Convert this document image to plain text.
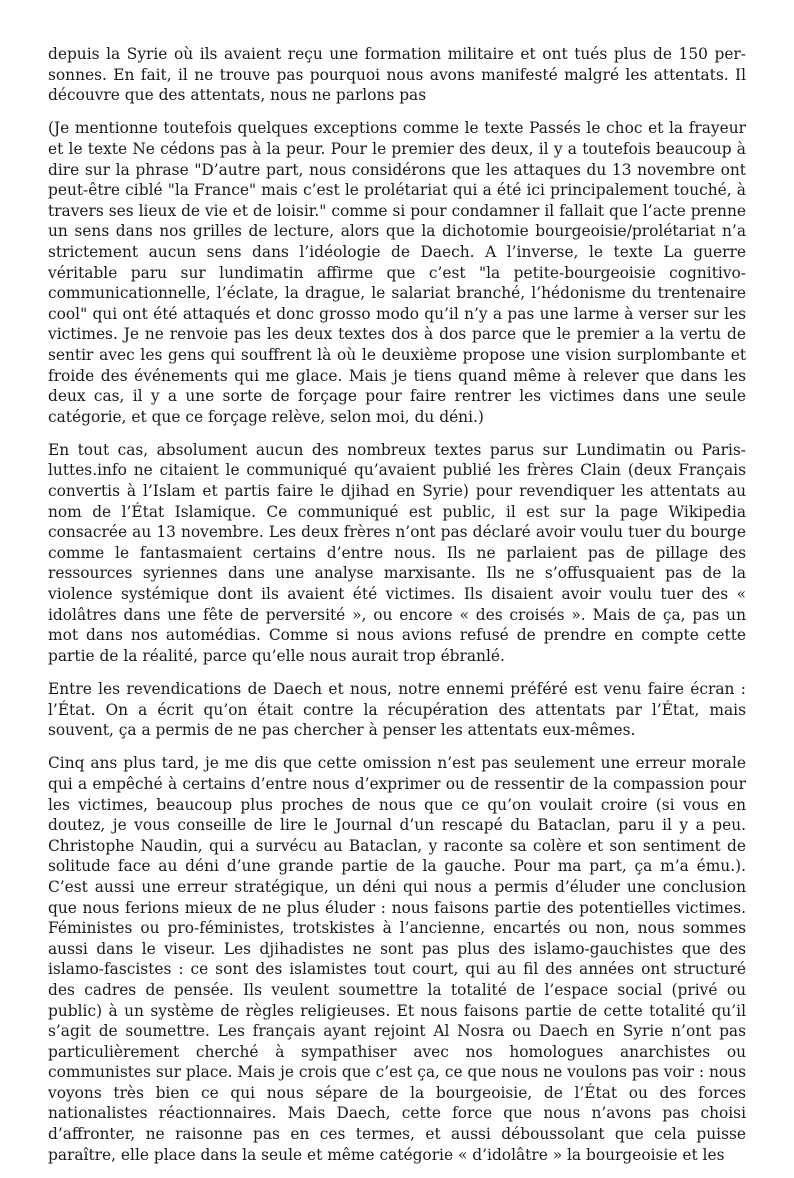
depuis la Syrie où ils avaient reçu une formation militaire et ont tués plus de 150 personnes. En fait, il ne trouve pas pourquoi nous avons manifesté malgré les attentats. Il découvre que des attentats, nous ne parlons pas

(Je mentionne toutefois quelques exceptions comme le texte Passés le choc et la frayeur et le texte Ne cédons pas à la peur. Pour le premier des deux, il y a toutefois beaucoup à dire sur la phrase "D’autre part, nous considérons que les attaques du 13 novembre ont peut-être ciblé "la France" mais c’est le prolétariat qui a été ici principalement touché, à travers ses lieux de vie et de loisir." comme si pour condamner il fallait que l’acte prenne un sens dans nos grilles de lecture, alors que la dichotomie bourgeoisie/prolétariat n’a strictement aucun sens dans l’idéologie de Daech. A l’inverse, le texte La guerre véritable paru sur lundimatin affirme que c’est "la petite-bourgeoisie cognitivo-communicationnelle, l’éclate, la drague, le salariat branché, l’hédonisme du trentenaire cool" qui ont été attaqués et donc grosso modo qu’il n’y a pas une larme à verser sur les victimes. Je ne renvoie pas les deux textes dos à dos parce que le premier a la vertu de sentir avec les gens qui souffrent là où le deuxième propose une vision surplombante et froide des événements qui me glace. Mais je tiens quand même à relever que dans les deux cas, il y a une sorte de forçage pour faire rentrer les victimes dans une seule catégorie, et que ce forçage relève, selon moi, du déni.)

En tout cas, absolument aucun des nombreux textes parus sur Lundimatin ou Paris-luttes.info ne citaient le communiqué qu’avaient publié les frères Clain (deux Français convertis à l’Islam et partis faire le djihad en Syrie) pour revendiquer les attentats au nom de l’État Islamique. Ce communiqué est public, il est sur la page Wikipedia consacrée au 13 novembre. Les deux frères n’ont pas déclaré avoir voulu tuer du bourge comme le fantasmaient certains d’entre nous. Ils ne parlaient pas de pillage des ressources syriennes dans une analyse marxisante. Ils ne s’offusquaient pas de la violence systémique dont ils avaient été victimes. Ils disaient avoir voulu tuer des « idolâtres dans une fête de perversité », ou encore « des croisés ». Mais de ça, pas un mot dans nos automédias. Comme si nous avions refusé de prendre en compte cette partie de la réalité, parce qu’elle nous aurait trop ébranlé.

Entre les revendications de Daech et nous, notre ennemi préféré est venu faire écran : l’État. On a écrit qu’on était contre la récupération des attentats par l’État, mais souvent, ça a permis de ne pas chercher à penser les attentats eux-mêmes.

Cinq ans plus tard, je me dis que cette omission n’est pas seulement une erreur morale qui a empêché à certains d’entre nous d’exprimer ou de ressentir de la compassion pour les victimes, beaucoup plus proches de nous que ce qu’on voulait croire (si vous en doutez, je vous conseille de lire le Journal d’un rescapé du Bataclan, paru il y a peu. Christophe Naudin, qui a survécu au Bataclan, y raconte sa colère et son sentiment de solitude face au déni d’une grande partie de la gauche. Pour ma part, ça m’a ému.). C’est aussi une erreur stratégique, un déni qui nous a permis d’éluder une conclusion que nous ferions mieux de ne plus éluder : nous faisons partie des potentielles victimes. Féministes ou pro-féministes, trotskistes à l’ancienne, encartés ou non, nous sommes aussi dans le viseur. Les djihadistes ne sont pas plus des islamo-gauchistes que des islamo-fascistes : ce sont des islamistes tout court, qui au fil des années ont structuré des cadres de pensée. Ils veulent soumettre la totalité de l’espace social (privé ou public) à un système de règles religieuses. Et nous faisons partie de cette totalité qu’il s’agit de soumettre. Les français ayant rejoint Al Nosra ou Daech en Syrie n’ont pas particulièrement cherché à sympathiser avec nos homologues anarchistes ou communistes sur place. Mais je crois que c’est ça, ce que nous ne voulons pas voir : nous voyons très bien ce qui nous sépare de la bourgeoisie, de l’État ou des forces nationalistes réactionnaires. Mais Daech, cette force que nous n’avons pas choisi d’affronter, ne raisonne pas en ces termes, et aussi déboussolant que cela puisse paraître, elle place dans la seule et même catégorie « d’idolâtre » la bourgeoisie et les
